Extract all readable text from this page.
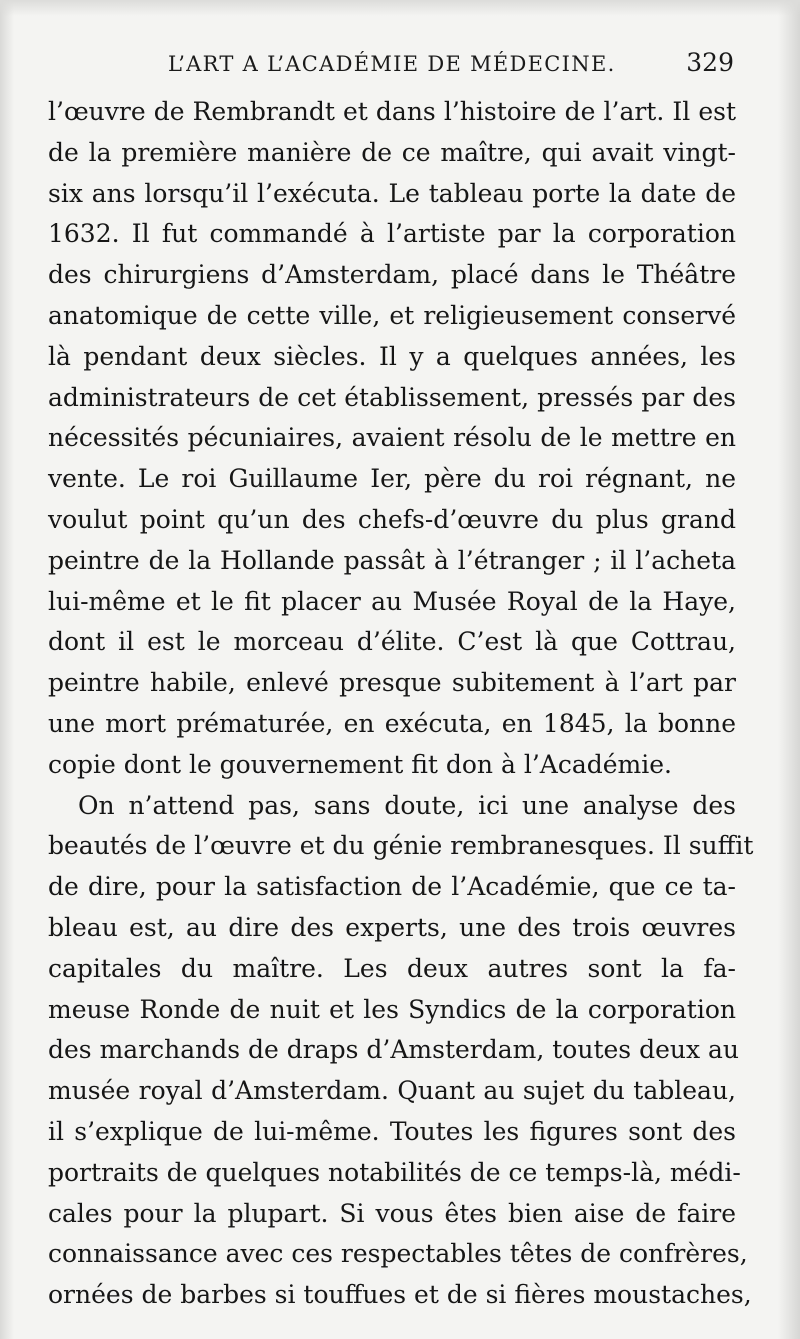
L’ART A L’ACADÉMIE DE MÉDECINE.	329
l’œuvre de Rembrandt et dans l’histoire de l’art. Il est
de la première manière de ce maître, qui avait vingt-
six ans lorsqu’il l’exécuta. Le tableau porte la date de
1632. Il fut commandé à l’artiste par la corporation
des chirurgiens d’Amsterdam, placé dans le Théâtre
anatomique de cette ville, et religieusement conservé
là pendant deux siècles. Il y a quelques années, les
administrateurs de cet établissement, pressés par des
nécessités pécuniaires, avaient résolu de le mettre en
vente. Le roi Guillaume Ier, père du roi régnant, ne
voulut point qu’un des chefs-d’œuvre du plus grand
peintre de la Hollande passât à l’étranger ; il l’acheta
lui-même et le fit placer au Musée Royal de la Haye,
dont il est le morceau d’élite. C’est là que Cottrau,
peintre habile, enlevé presque subitement à l’art par
une mort prématurée, en exécuta, en 1845, la bonne
copie dont le gouvernement fit don à l’Académie.
On n’attend pas, sans doute, ici une analyse des
beautés de l’œuvre et du génie rembranesques. Il suffit
de dire, pour la satisfaction de l’Académie, que ce ta-
bleau est, au dire des experts, une des trois œuvres
capitales du maître. Les deux autres sont la fa-
meuse Ronde de nuit et les Syndics de la corporation
des marchands de draps d’Amsterdam, toutes deux au
musée royal d’Amsterdam. Quant au sujet du tableau,
il s’explique de lui-même. Toutes les figures sont des
portraits de quelques notabilités de ce temps-là, médi-
cales pour la plupart. Si vous êtes bien aise de faire
connaissance avec ces respectables têtes de confrères,
ornées de barbes si touffues et de si fières moustaches,
